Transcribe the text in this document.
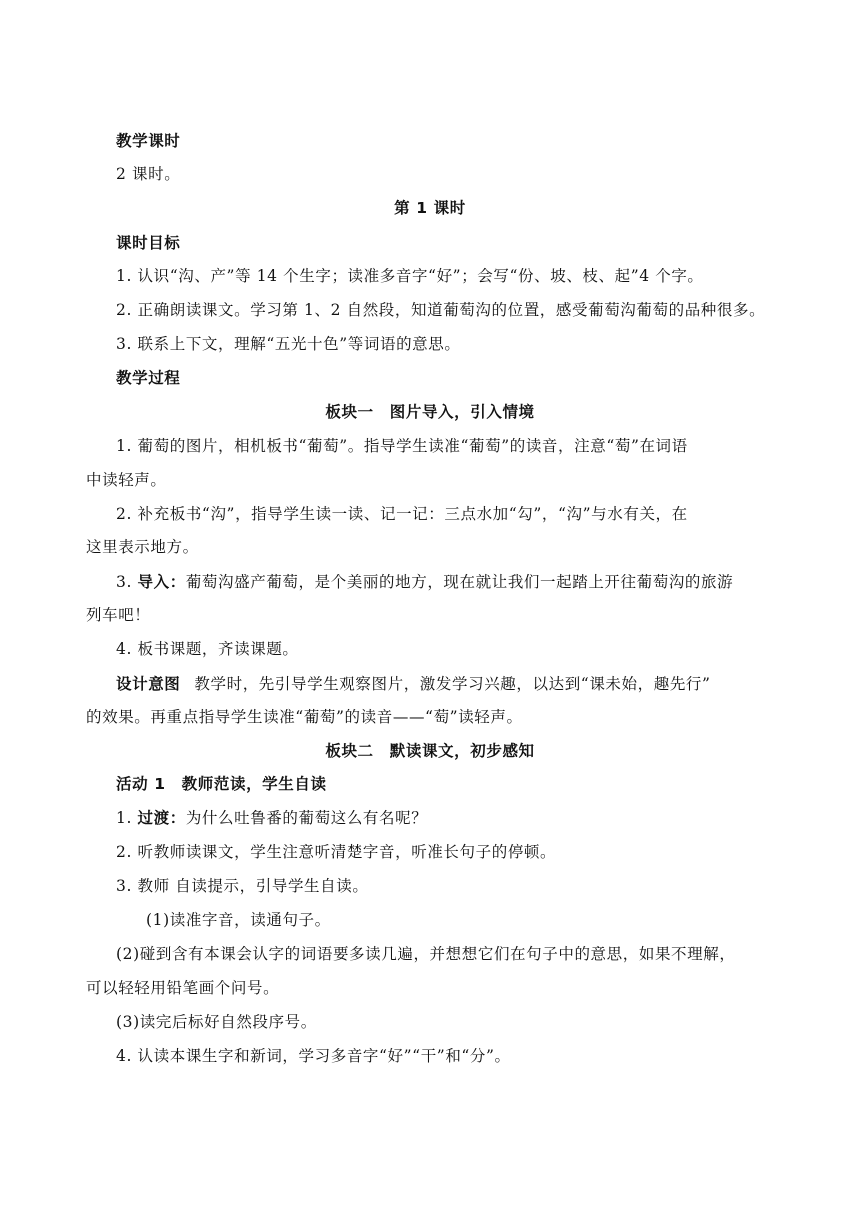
教学课时
2 课时。
第 1 课时
课时目标
1. 认识“沟、产”等 14 个生字；读准多音字“好”；会写“份、坡、枝、起”4 个字。
2. 正确朗读课文。学习第 1、2 自然段，知道葡萄沟的位置，感受葡萄沟葡萄的品种很多。
3. 联系上下文，理解“五光十色”等词语的意思。
教学过程
板块一　图片导入，引入情境
1. 葡萄的图片，相机板书“葡萄”。指导学生读准“葡萄”的读音，注意“萄”在词语
中读轻声。
2. 补充板书“沟”，指导学生读一读、记一记：三点水加“勾”，“沟”与水有关，在
这里表示地方。
3. 导入：葡萄沟盛产葡萄，是个美丽的地方，现在就让我们一起踏上开往葡萄沟的旅游
列车吧！
4. 板书课题，齐读课题。
设计意图 教学时，先引导学生观察图片，激发学习兴趣，以达到“课未始，趣先行”
的效果。再重点指导学生读准“葡萄”的读音——“萄”读轻声。
板块二　默读课文，初步感知
活动 1　教师范读，学生自读
1. 过渡：为什么吐鲁番的葡萄这么有名呢？
2. 听教师读课文，学生注意听清楚字音，听准长句子的停顿。
3. 教师 自读提示，引导学生自读。
(1)读准字音，读通句子。
(2)碰到含有本课会认字的词语要多读几遍，并想想它们在句子中的意思，如果不理解，
可以轻轻用铅笔画个问号。
(3)读完后标好自然段序号。
4. 认读本课生字和新词，学习多音字“好”“干”和“分”。
